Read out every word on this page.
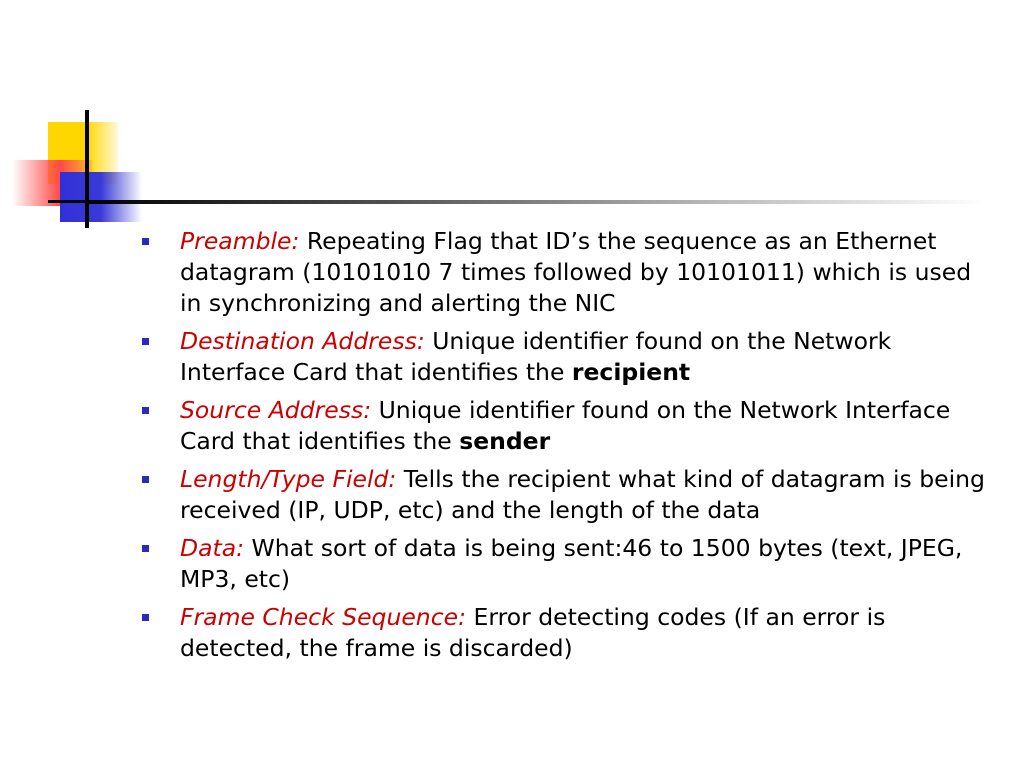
Preamble: Repeating Flag that ID’s the sequence as an Ethernet datagram (10101010 7 times followed by 10101011) which is used in synchronizing and alerting the NIC
Destination Address: Unique identifier found on the Network Interface Card that identifies the recipient
Source Address: Unique identifier found on the Network Interface Card that identifies the sender
Length/Type Field: Tells the recipient what kind of datagram is being received (IP, UDP, etc) and the length of the data
Data: What sort of data is being sent:46 to 1500 bytes (text, JPEG, MP3, etc)
Frame Check Sequence: Error detecting codes (If an error is detected, the frame is discarded)
